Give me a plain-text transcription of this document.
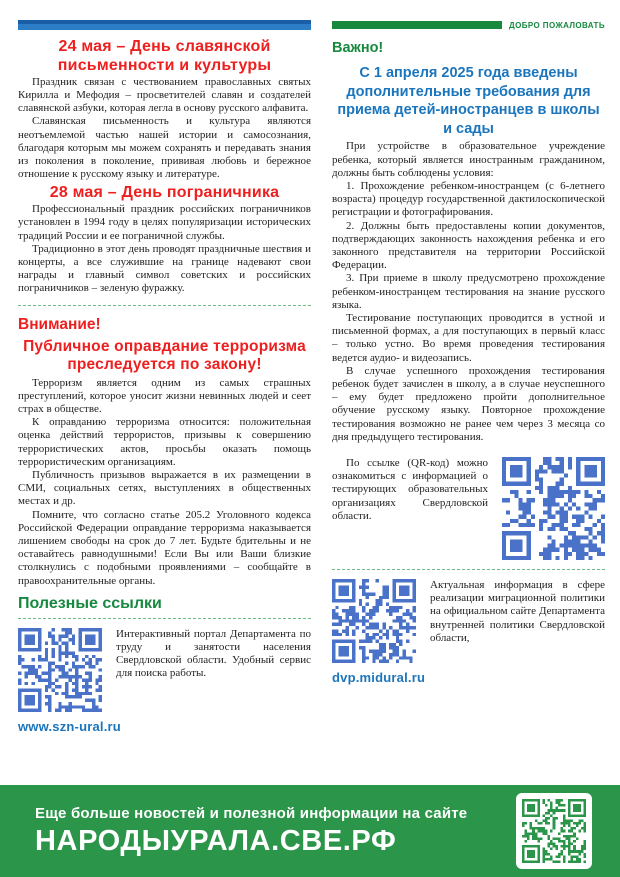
24 мая – День славянской письменности и культуры

Праздник связан с чествованием православных святых Кирилла и Мефодия – просветителей славян и создателей славянской азбуки, которая легла в основу русского алфавита.

Славянская письменность и культура являются неотъемлемой частью нашей истории и самосознания, благодаря которым мы можем сохранять и передавать знания из поколения в поколение, прививая любовь и бережное отношение к русскому языку и литературе.

28 мая – День пограничника

Профессиональный праздник российских пограничников установлен в 1994 году в целях популяризации исторических традиций России и ее пограничной службы.

Традиционно в этот день проводят праздничные шествия и концерты, а все служившие на границе надевают свои награды и главный символ советских и российских пограничников – зеленую фуражку.

Внимание!
Публичное оправдание терроризма преследуется по закону!

Терроризм является одним из самых страшных преступлений, которое уносит жизни невинных людей и сеет страх в обществе.

К оправданию терроризма относится: положительная оценка действий террористов, призывы к совершению террористических актов, просьбы оказать помощь террористическим организациям.

Публичность призывов выражается в их размещении в СМИ, социальных сетях, выступлениях в общественных местах и др.

Помните, что согласно статье 205.2 Уголовного кодекса Российской Федерации оправдание терроризма наказывается лишением свободы на срок до 7 лет. Будьте бдительны и не оставайтесь равнодушными! Если Вы или Ваши близкие столкнулись с подобными проявлениями – сообщайте в правоохранительные органы.

Полезные ссылки

Интерактивный портал Департамента по труду и занятости населения Свердловской области. Удобный сервис для поиска работы.

www.szn-ural.ru
ДОБРО ПОЖАЛОВАТЬ
Важно!
С 1 апреля 2025 года введены дополнительные требования для приема детей-иностранцев в школы и сады

При устройстве в образовательное учреждение ребенка, который является иностранным гражданином, должны быть соблюдены условия:

1. Прохождение ребенком-иностранцем (с 6-летнего возраста) процедур государственной дактилоскопической регистрации и фотографирования.

2. Должны быть предоставлены копии документов, подтверждающих законность нахождения ребенка и его законного представителя на территории Российской Федерации.

3. При приеме в школу предусмотрено прохождение ребенком-иностранцем тестирования на знание русского языка.

Тестирование поступающих проводится в устной и письменной формах, а для поступающих в первый класс – только устно. Во время проведения тестирования ведется аудио- и видеозапись.

В случае успешного прохождения тестирования ребенок будет зачислен в школу, а в случае неуспешного – ему будет предложено пройти дополнительное обучение русскому языку. Повторное прохождение тестирования возможно не ранее чем через 3 месяца со дня предыдущего тестирования.

По ссылке (QR-код) можно ознакомиться с информацией о тестирующих образовательных организациях Свердловской области.

Актуальная информация в сфере реализации миграционной политики на официальном сайте Департамента внутренней политики Свердловской области,

dvp.midural.ru
Еще больше новостей и полезной информации на сайте
НАРОДЫУРАЛА.СВЕ.РФ
